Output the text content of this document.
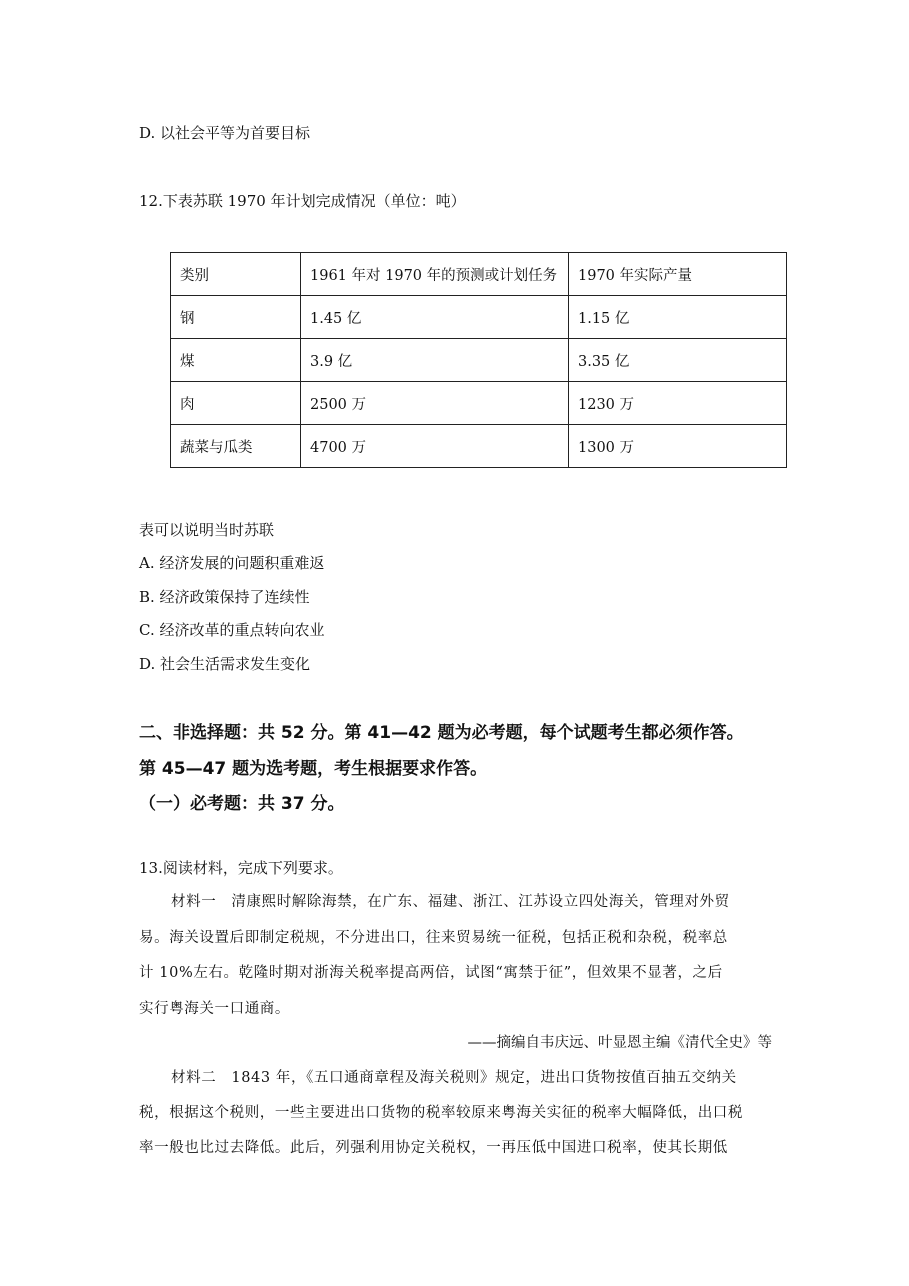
D. 以社会平等为首要目标
12.下表苏联 1970 年计划完成情况（单位：吨）
类别	1961 年对 1970 年的预测或计划任务	1970 年实际产量
钢	1.45 亿	1.15 亿
煤	3.9 亿	3.35 亿
肉	2500 万	1230 万
蔬菜与瓜类	4700 万	1300 万
表可以说明当时苏联
A. 经济发展的问题积重难返
B. 经济政策保持了连续性
C. 经济改革的重点转向农业
D. 社会生活需求发生变化
二、非选择题：共 52 分。第 41—42 题为必考题，每个试题考生都必须作答。
第 45—47 题为选考题，考生根据要求作答。
（一）必考题：共 37 分。
13.阅读材料，完成下列要求。
材料一　清康熙时解除海禁，在广东、福建、浙江、江苏设立四处海关，管理对外贸
易。海关设置后即制定税规，不分进出口，往来贸易统一征税，包括正税和杂税，税率总
计 10%左右。乾隆时期对浙海关税率提高两倍，试图“寓禁于征”，但效果不显著，之后
实行粤海关一口通商。
——摘编自韦庆远、叶显恩主编《清代全史》等
材料二　1843 年，《五口通商章程及海关税则》规定，进出口货物按值百抽五交纳关
税，根据这个税则，一些主要进出口货物的税率较原来粤海关实征的税率大幅降低，出口税
率一般也比过去降低。此后，列强利用协定关税权，一再压低中国进口税率，使其长期低
